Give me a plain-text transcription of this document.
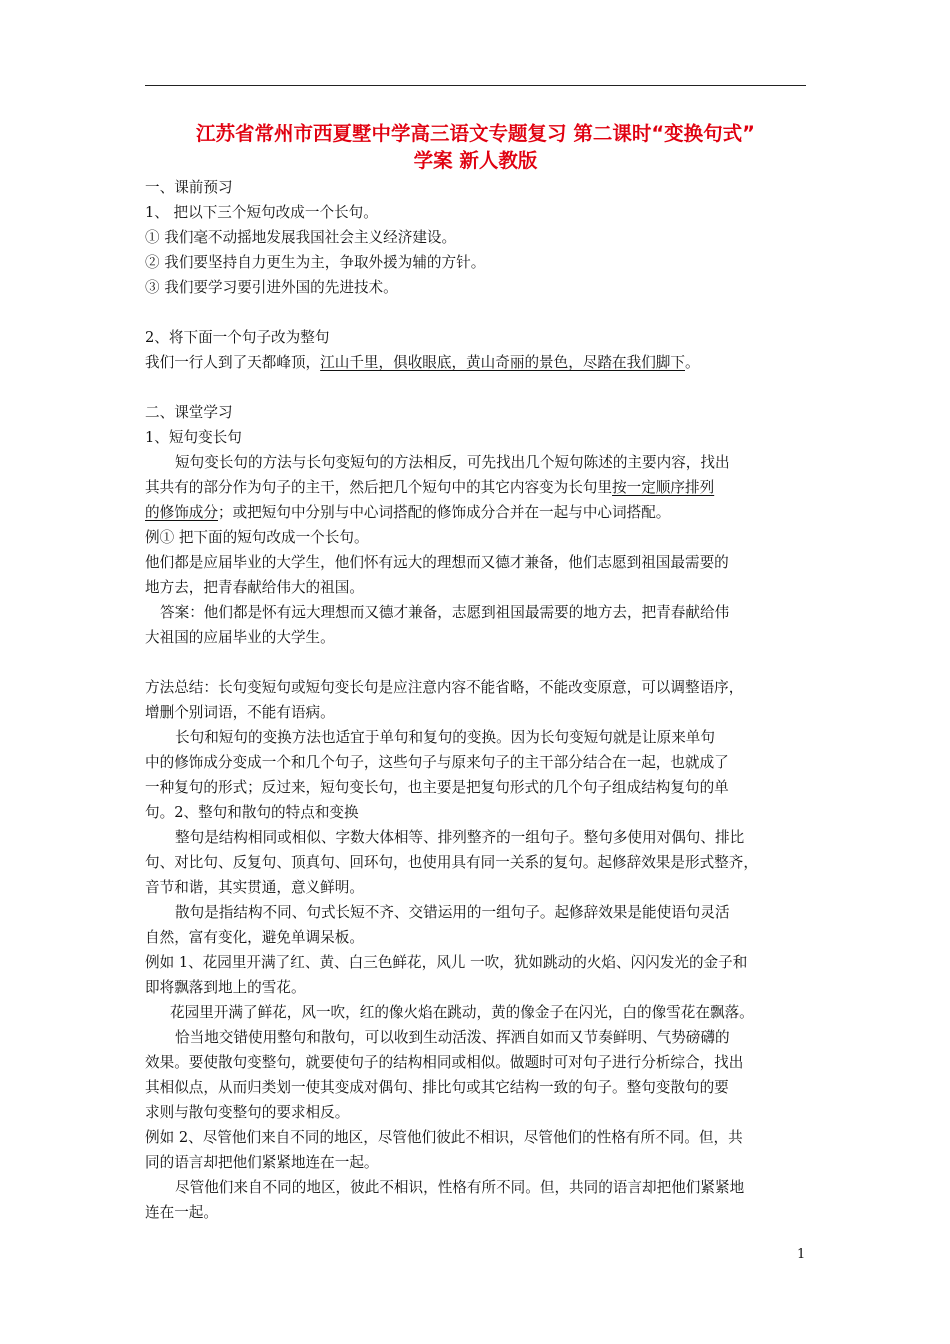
江苏省常州市西夏墅中学高三语文专题复习 第二课时“变换句式”
学案 新人教版
一、课前预习
1、 把以下三个短句改成一个长句。
① 我们毫不动摇地发展我国社会主义经济建设。
② 我们要坚持自力更生为主，争取外援为辅的方针。
③ 我们要学习要引进外国的先进技术。
2、将下面一个句子改为整句
我们一行人到了天都峰顶，江山千里，俱收眼底，黄山奇丽的景色，尽踏在我们脚下。
二、课堂学习
1、短句变长句
短句变长句的方法与长句变短句的方法相反，可先找出几个短句陈述的主要内容，找出
其共有的部分作为句子的主干，然后把几个短句中的其它内容变为长句里按一定顺序排列
的修饰成分；或把短句中分别与中心词搭配的修饰成分合并在一起与中心词搭配。
例① 把下面的短句改成一个长句。
他们都是应届毕业的大学生，他们怀有远大的理想而又德才兼备，他们志愿到祖国最需要的
地方去，把青春献给伟大的祖国。
答案：他们都是怀有远大理想而又德才兼备，志愿到祖国最需要的地方去，把青春献给伟
大祖国的应届毕业的大学生。
方法总结：长句变短句或短句变长句是应注意内容不能省略，不能改变原意，可以调整语序，
增删个别词语，不能有语病。
长句和短句的变换方法也适宜于单句和复句的变换。因为长句变短句就是让原来单句
中的修饰成分变成一个和几个句子，这些句子与原来句子的主干部分结合在一起，也就成了
一种复句的形式；反过来，短句变长句，也主要是把复句形式的几个句子组成结构复句的单
句。2、整句和散句的特点和变换
整句是结构相同或相似、字数大体相等、排列整齐的一组句子。整句多使用对偶句、排比
句、对比句、反复句、顶真句、回环句，也使用具有同一关系的复句。起修辞效果是形式整齐，
音节和谐，其实贯通，意义鲜明。
散句是指结构不同、句式长短不齐、交错运用的一组句子。起修辞效果是能使语句灵活
自然，富有变化，避免单调呆板。
例如 1、花园里开满了红、黄、白三色鲜花，风儿 一吹，犹如跳动的火焰、闪闪发光的金子和
即将飘落到地上的雪花。
花园里开满了鲜花，风一吹，红的像火焰在跳动，黄的像金子在闪光，白的像雪花在飘落。
恰当地交错使用整句和散句，可以收到生动活泼、挥洒自如而又节奏鲜明、气势磅礴的
效果。要使散句变整句，就要使句子的结构相同或相似。做题时可对句子进行分析综合，找出
其相似点，从而归类划一使其变成对偶句、排比句或其它结构一致的句子。整句变散句的要
求则与散句变整句的要求相反。
例如 2、尽管他们来自不同的地区，尽管他们彼此不相识，尽管他们的性格有所不同。但，共
同的语言却把他们紧紧地连在一起。
尽管他们来自不同的地区，彼此不相识，性格有所不同。但，共同的语言却把他们紧紧地
连在一起。
1
